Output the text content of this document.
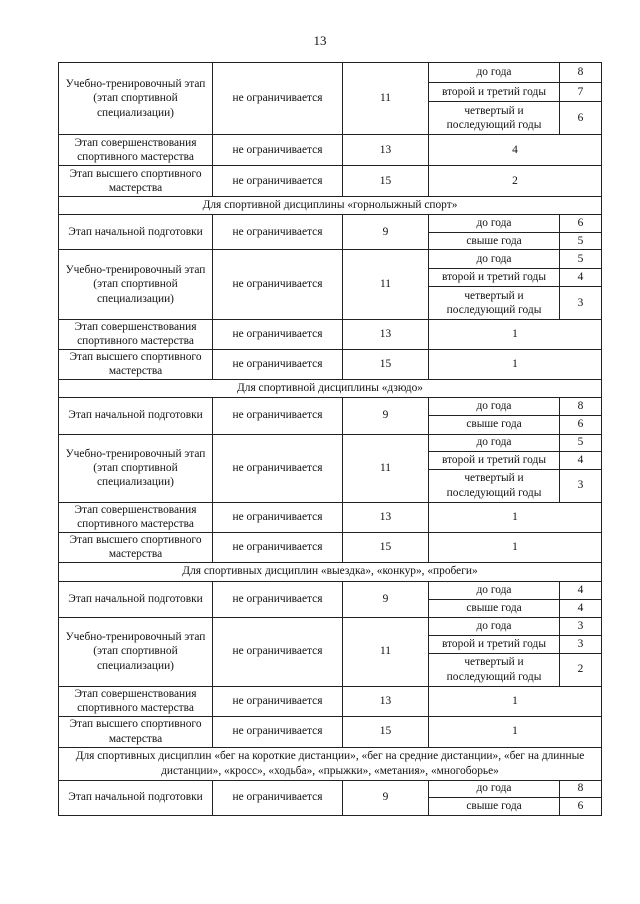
13
Учебно-тренировочный этап (этап спортивной специализации)	не ограничивается	11	до года	8
			второй и третий годы	7
			четвертый и последующий годы	6
Этап совершенствования спортивного мастерства	не ограничивается	13	4	
Этап высшего спортивного мастерства	не ограничивается	15	2	
Для спортивной дисциплины «горнолыжный спорт»				
Этап начальной подготовки	не ограничивается	9	до года	6
			свыше года	5
Учебно-тренировочный этап (этап спортивной специализации)	не ограничивается	11	до года	5
			второй и третий годы	4
			четвертый и последующий годы	3
Этап совершенствования спортивного мастерства	не ограничивается	13	1	
Этап высшего спортивного мастерства	не ограничивается	15	1	
Для спортивной дисциплины «дзюдо»				
Этап начальной подготовки	не ограничивается	9	до года	8
			свыше года	6
Учебно-тренировочный этап (этап спортивной специализации)	не ограничивается	11	до года	5
			второй и третий годы	4
			четвертый и последующий годы	3
Этап совершенствования спортивного мастерства	не ограничивается	13	1	
Этап высшего спортивного мастерства	не ограничивается	15	1	
Для спортивных дисциплин «выездка», «конкур», «пробеги»				
Этап начальной подготовки	не ограничивается	9	до года	4
			свыше года	4
Учебно-тренировочный этап (этап спортивной специализации)	не ограничивается	11	до года	3
			второй и третий годы	3
			четвертый и последующий годы	2
Этап совершенствования спортивного мастерства	не ограничивается	13	1	
Этап высшего спортивного мастерства	не ограничивается	15	1	
Для спортивных дисциплин «бег на короткие дистанции», «бег на средние дистанции», «бег на длинные дистанции», «кросс», «ходьба», «прыжки», «метания», «многоборье»				
Этап начальной подготовки	не ограничивается	9	до года	8
			свыше года	6
